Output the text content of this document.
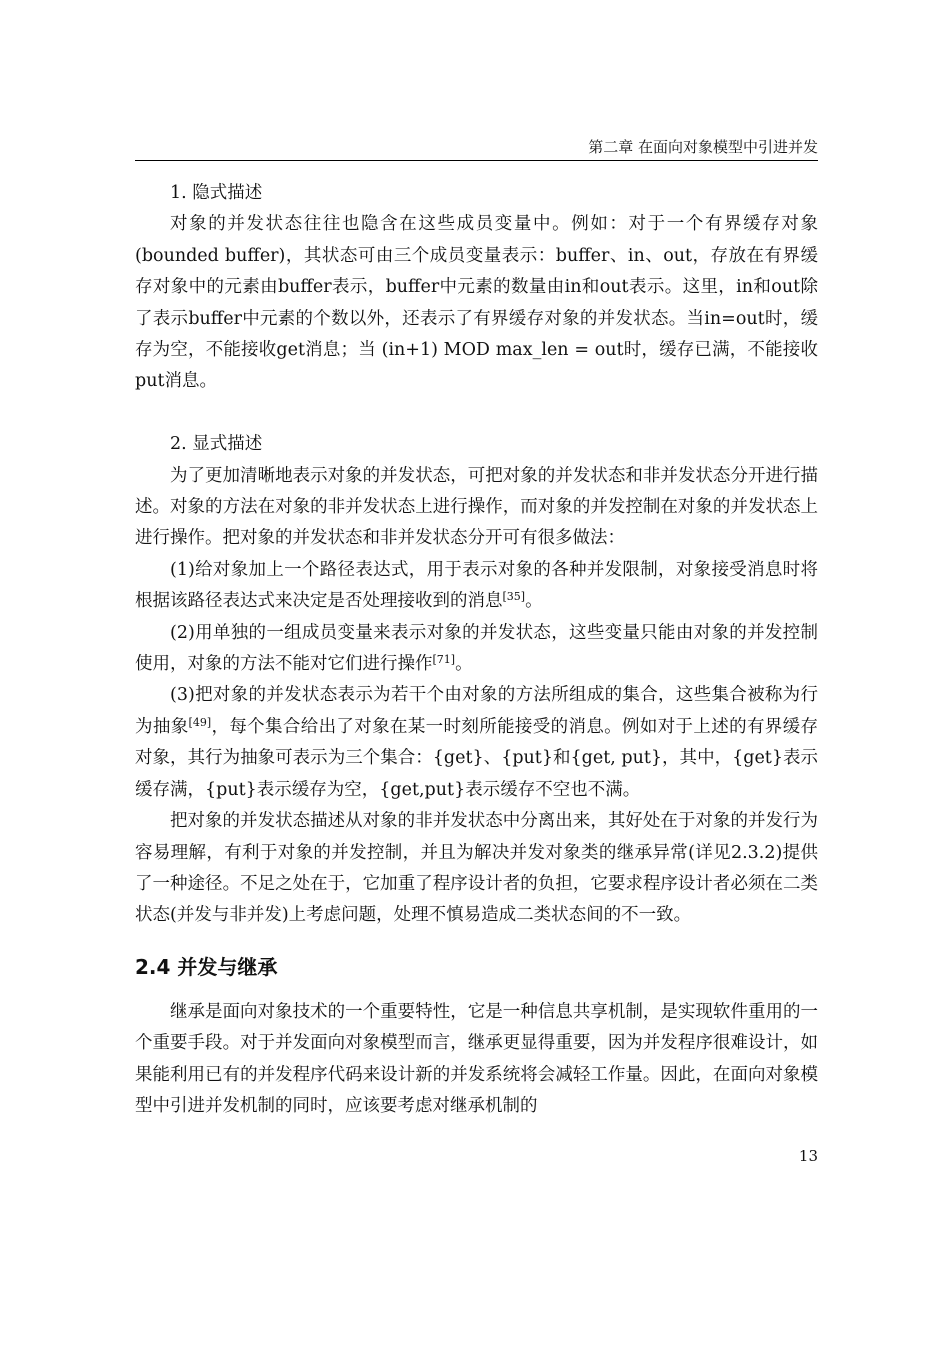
第二章 在面向对象模型中引进并发

1. 隐式描述

对象的并发状态往往也隐含在这些成员变量中。例如：对于一个有界缓存对象(bounded buffer)，其状态可由三个成员变量表示：buffer、in、out，存放在有界缓存对象中的元素由buffer表示，buffer中元素的数量由in和out表示。这里，in和out除了表示buffer中元素的个数以外，还表示了有界缓存对象的并发状态。当in=out时，缓存为空，不能接收get消息；当 (in+1) MOD max_len = out时，缓存已满，不能接收put消息。

2. 显式描述

为了更加清晰地表示对象的并发状态，可把对象的并发状态和非并发状态分开进行描述。对象的方法在对象的非并发状态上进行操作，而对象的并发控制在对象的并发状态上进行操作。把对象的并发状态和非并发状态分开可有很多做法：

(1)给对象加上一个路径表达式，用于表示对象的各种并发限制，对象接受消息时将根据该路径表达式来决定是否处理接收到的消息[35]。

(2)用单独的一组成员变量来表示对象的并发状态，这些变量只能由对象的并发控制使用，对象的方法不能对它们进行操作[71]。

(3)把对象的并发状态表示为若干个由对象的方法所组成的集合，这些集合被称为行为抽象[49]，每个集合给出了对象在某一时刻所能接受的消息。例如对于上述的有界缓存对象，其行为抽象可表示为三个集合：{get}、{put}和{get, put}，其中，{get}表示缓存满，{put}表示缓存为空，{get,put}表示缓存不空也不满。

把对象的并发状态描述从对象的非并发状态中分离出来，其好处在于对象的并发行为容易理解，有利于对象的并发控制，并且为解决并发对象类的继承异常(详见2.3.2)提供了一种途径。不足之处在于，它加重了程序设计者的负担，它要求程序设计者必须在二类状态(并发与非并发)上考虑问题，处理不慎易造成二类状态间的不一致。

2.4 并发与继承

继承是面向对象技术的一个重要特性，它是一种信息共享机制，是实现软件重用的一个重要手段。对于并发面向对象模型而言，继承更显得重要，因为并发程序很难设计，如果能利用已有的并发程序代码来设计新的并发系统将会减轻工作量。因此，在面向对象模型中引进并发机制的同时，应该要考虑对继承机制的

13
